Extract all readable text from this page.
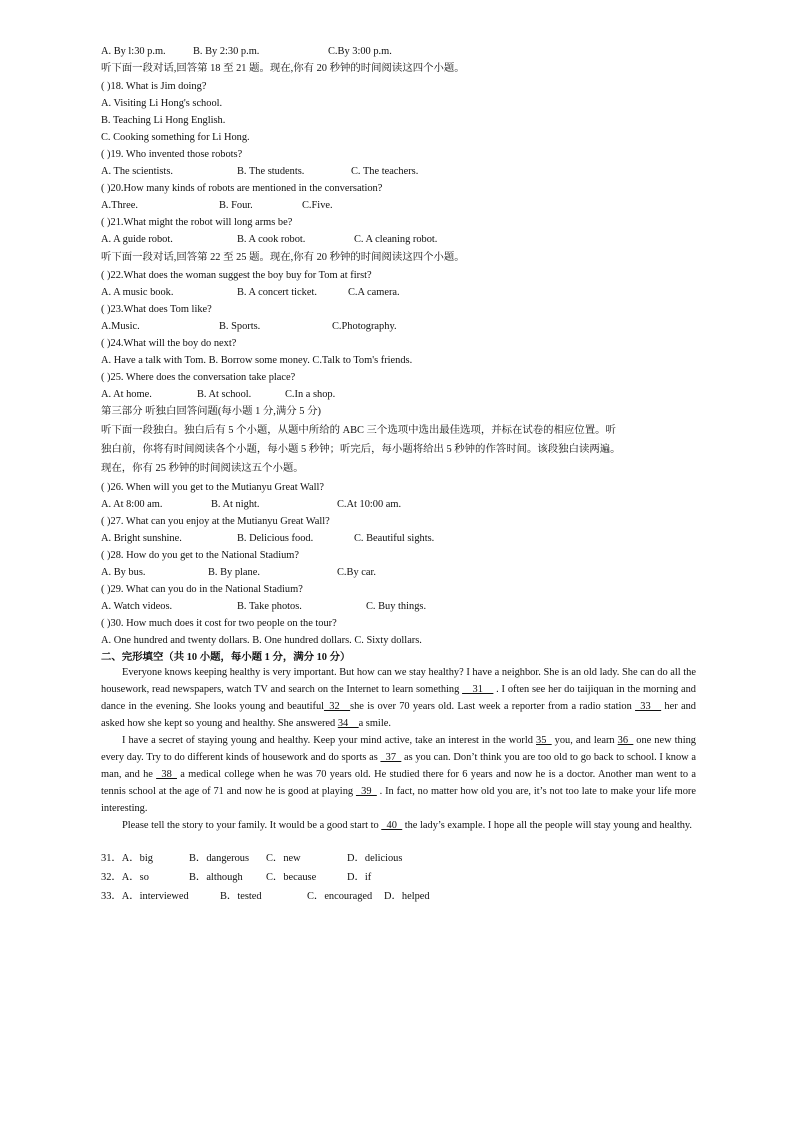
A. By l:30 p.m.	B. By 2:30 p.m.	C.By 3:00 p.m.
听下面一段对话,回答第 18 至 21 题。现在,你有 20 秒钟的时间阅读这四个小题。
( )18. What is Jim doing?
A. Visiting Li Hong's school.
B. Teaching Li Hong English.
C. Cooking something for Li Hong.
( )19. Who invented those robots?
A. The scientists.	B. The students.	C. The teachers.
( )20.How many kinds of robots are mentioned in the conversation?
A.Three.	B. Four.	C.Five.
( )21.What might the robot will long arms be?
A. A guide robot.	B. A cook robot.	C. A cleaning robot.
听下面一段对话,回答第 22 至 25 题。现在,你有 20 秒钟的时间阅读这四个小题。
( )22.What does the woman suggest the boy buy for Tom at first?
A. A music book.	B. A concert ticket.	C.A camera.
( )23.What does Tom like?
A.Music.	B. Sports.	C.Photography.
( )24.What will the boy do next?
A. Have a talk with Tom. B. Borrow some money. C.Talk to Tom's friends.
( )25. Where does the conversation take place?
A. At home.	B. At school.	C.In a shop.
第三部分 听独白回答问题(每小题 1 分,满分 5 分)
听下面一段独白。独白后有 5 个小题，从题中所给的 ABC 三个选项中选出最佳选项，并标在试卷的相应位置。听
独白前，你将有时间阅读各个小题，每小题 5 秒钟；听完后，每小题将给出 5 秒钟的作答时间。该段独白读两遍。
现在，你有 25 秒钟的时间阅读这五个小题。
( )26. When will you get to the Mutianyu Great Wall?
A. At 8:00 am.	B. At night.	C.At 10:00 am.
( )27. What can you enjoy at the Mutianyu Great Wall?
A. Bright sunshine.	B. Delicious food.	C. Beautiful sights.
( )28. How do you get to the National Stadium?
A. By bus.	B. By plane.	C.By car.
( )29. What can you do in the National Stadium?
A. Watch videos.	B. Take photos.	C. Buy things.
( )30. How much does it cost for two people on the tour?
A. One hundred and twenty dollars. B. One hundred dollars. C. Sixty dollars.
二、完形填空（共 10 小题，每小题 1 分，满分 10 分）

Everyone knows keeping healthy is very important. But how can we stay healthy? I have a neighbor. She is an old lady. She can do all the housework, read newspapers, watch TV and search on the Internet to learn something __31__ . I often see her do taijiquan in the morning and dance in the evening. She looks young and beautiful_32__she is over 70 years old. Last week a reporter from a radio station _33__ her and asked how she kept so young and healthy. She answered 34__a smile.

I have a secret of staying young and healthy. Keep your mind active, take an interest in the world 35_ you, and learn 36_ one new thing every day. Try to do different kinds of housework and do sports as _37_ as you can. Don’t think you are too old to go back to school. I know a man, and he _38_ a medical college when he was 70 years old. He studied there for 6 years and now he is a doctor. Another man went to a tennis school at the age of 71 and now he is good at playing _39_ . In fact, no matter how old you are, it’s not too late to make your life more interesting.

Please tell the story to your family. It would be a good start to _40_ the lady’s example. I hope all the people will stay young and healthy.

31．A．big	B．dangerous C．new	D．delicious
32．A．so	B．although C．because	D．if
33．A．interviewed	B．tested	C．encouraged D．helped
